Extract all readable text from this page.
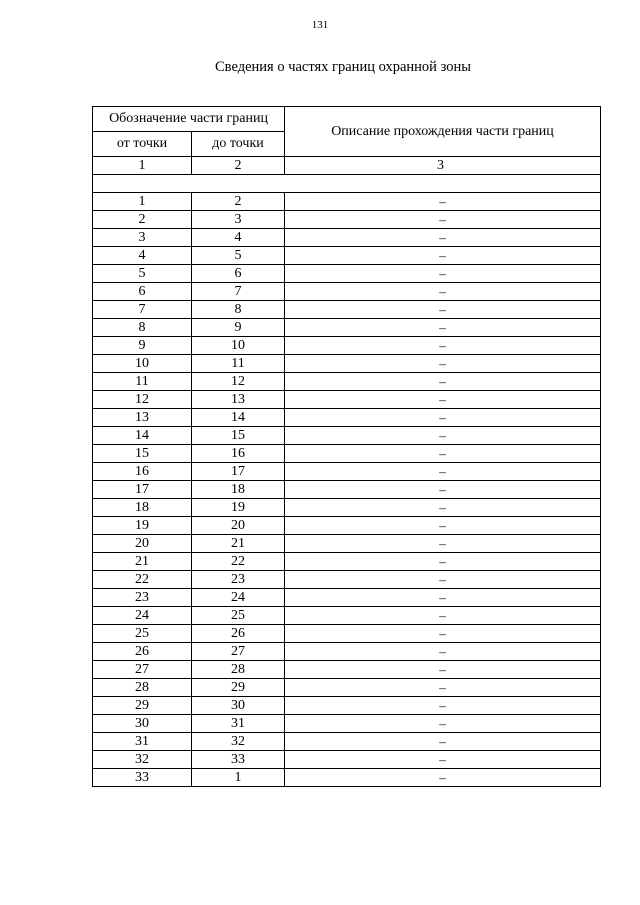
131
Сведения о частях границ охранной зоны
Обозначение части границ		Описание прохождения части границ
от точки	до точки	
1	2	3

1	2	–
2	3	–
3	4	–
4	5	–
5	6	–
6	7	–
7	8	–
8	9	–
9	10	–
10	11	–
11	12	–
12	13	–
13	14	–
14	15	–
15	16	–
16	17	–
17	18	–
18	19	–
19	20	–
20	21	–
21	22	–
22	23	–
23	24	–
24	25	–
25	26	–
26	27	–
27	28	–
28	29	–
29	30	–
30	31	–
31	32	–
32	33	–
33	1	–
